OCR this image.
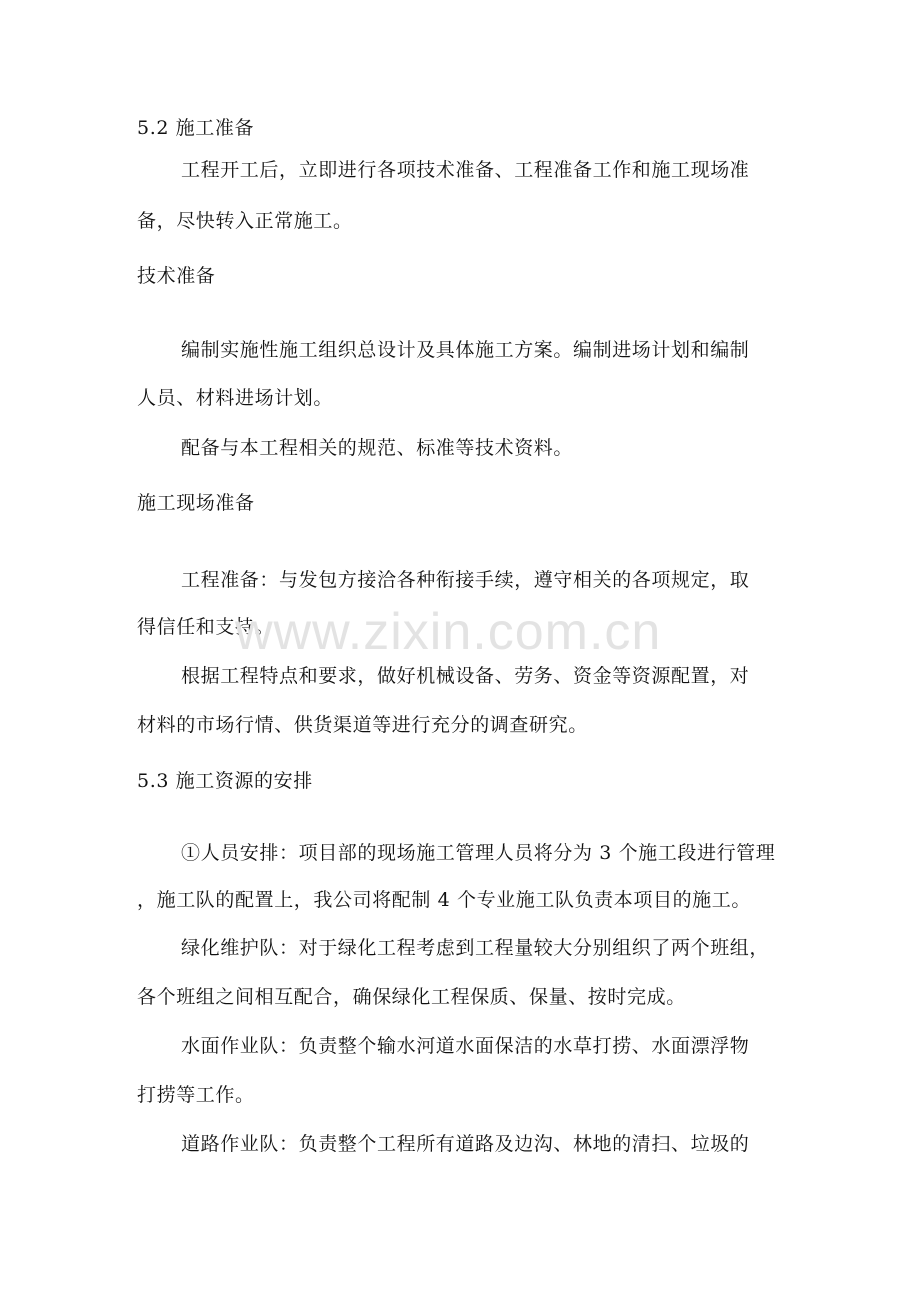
5.2 施工准备
工程开工后，立即进行各项技术准备、工程准备工作和施工现场准
备，尽快转入正常施工。
技术准备
编制实施性施工组织总设计及具体施工方案。编制进场计划和编制
人员、材料进场计划。
配备与本工程相关的规范、标准等技术资料。
施工现场准备
工程准备：与发包方接洽各种衔接手续，遵守相关的各项规定，取
得信任和支持。
根据工程特点和要求，做好机械设备、劳务、资金等资源配置，对
材料的市场行情、供货渠道等进行充分的调查研究。
5.3 施工资源的安排
①人员安排：项目部的现场施工管理人员将分为 3 个施工段进行管理
，施工队的配置上，我公司将配制 4 个专业施工队负责本项目的施工。
绿化维护队：对于绿化工程考虑到工程量较大分别组织了两个班组，
各个班组之间相互配合，确保绿化工程保质、保量、按时完成。
水面作业队：负责整个输水河道水面保洁的水草打捞、水面漂浮物
打捞等工作。
道路作业队：负责整个工程所有道路及边沟、林地的清扫、垃圾的
www.zixin.com.cn
